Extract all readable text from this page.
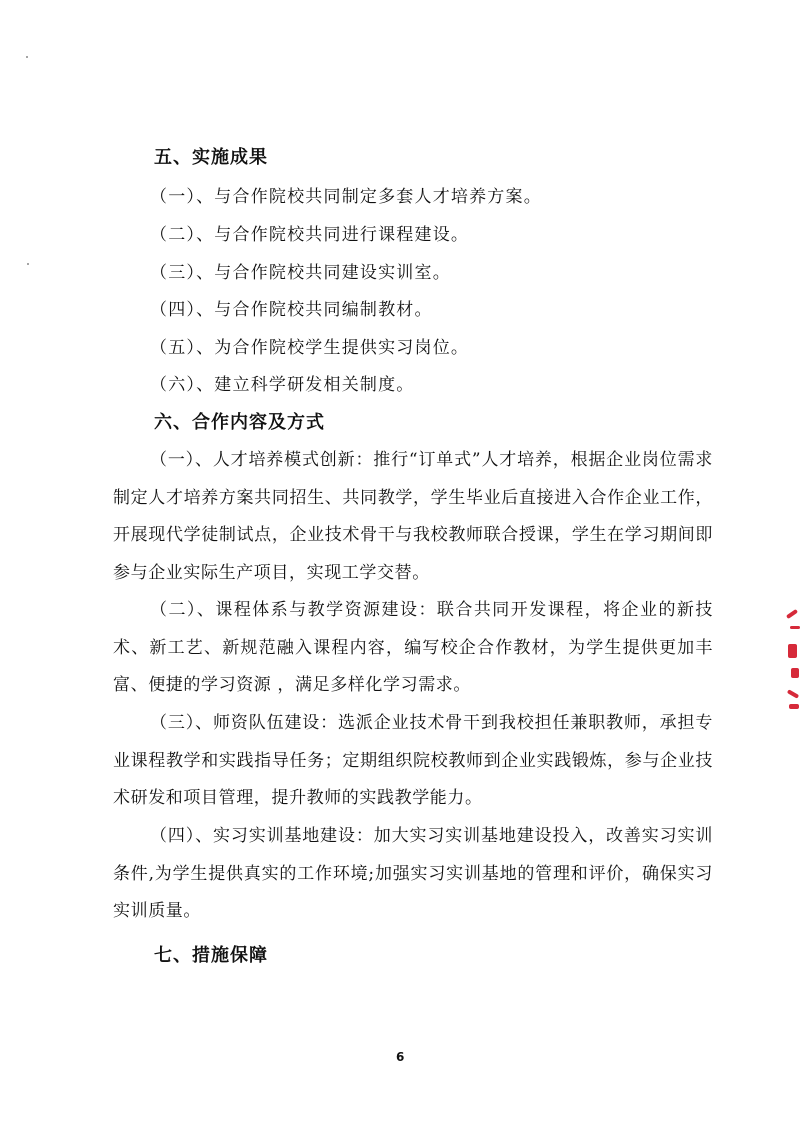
五、实施成果
（一）、与合作院校共同制定多套人才培养方案。
（二）、与合作院校共同进行课程建设。
（三）、与合作院校共同建设实训室。
（四）、与合作院校共同编制教材。
（五）、为合作院校学生提供实习岗位。
（六）、建立科学研发相关制度。
六、合作内容及方式
（一）、人才培养模式创新：推行“订单式”人才培养，根据企业岗位需求制定人才培养方案共同招生、共同教学，学生毕业后直接进入合作企业工作，开展现代学徒制试点，企业技术骨干与我校教师联合授课，学生在学习期间即参与企业实际生产项目，实现工学交替。
（二）、课程体系与教学资源建设：联合共同开发课程，将企业的新技术、新工艺、新规范融入课程内容，编写校企合作教材，为学生提供更加丰富、便捷的学习资源 ，满足多样化学习需求。
（三）、师资队伍建设：选派企业技术骨干到我校担任兼职教师，承担专业课程教学和实践指导任务；定期组织院校教师到企业实践锻炼，参与企业技术研发和项目管理，提升教师的实践教学能力。
（四）、实习实训基地建设：加大实习实训基地建设投入，改善实习实训条件,为学生提供真实的工作环境;加强实习实训基地的管理和评价，确保实习实训质量。
七、措施保障
6
